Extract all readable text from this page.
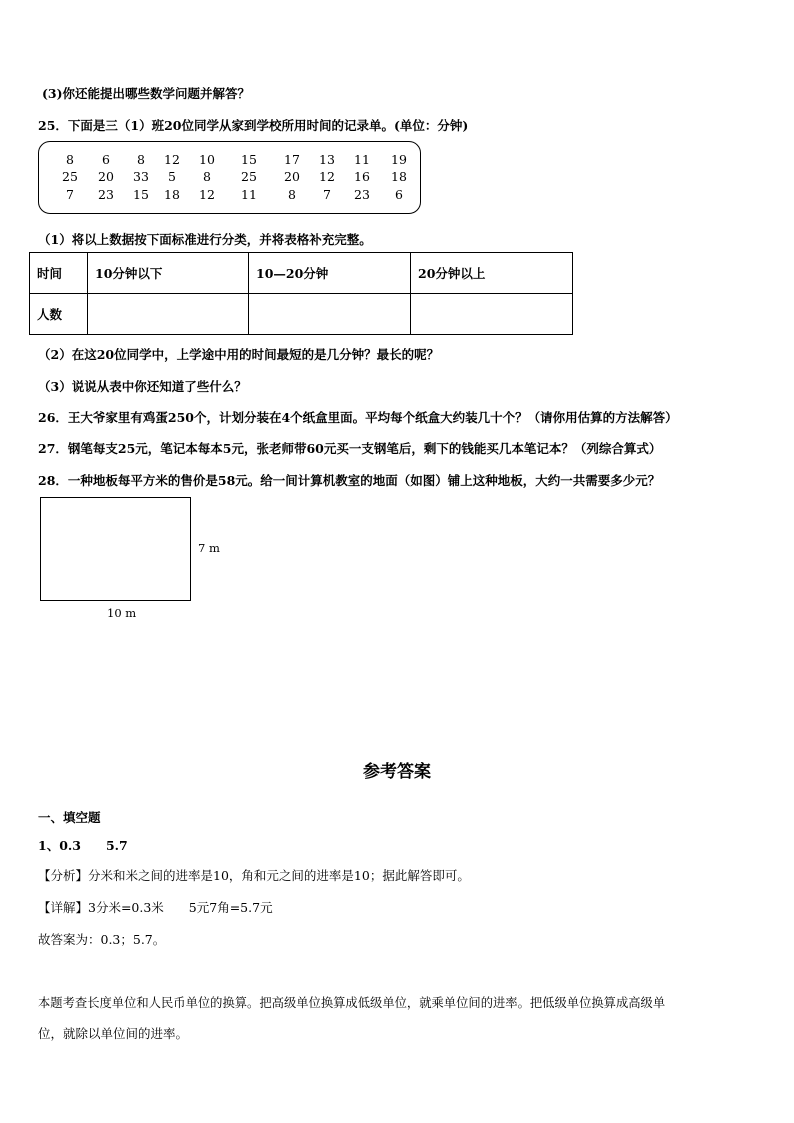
(3)你还能提出哪些数学问题并解答？
25．下面是三（1）班20位同学从家到学校所用时间的记录单。(单位：分钟)
8	6	8	12	10	15	17	13	11	19
25	20	33	5	8	25	20	12	16	18
7	23	15	18	12	11	8	7	23	6
（1）将以上数据按下面标准进行分类，并将表格补充完整。
时间	10分钟以下	10—20分钟	20分钟以上
人数			
（2）在这20位同学中，上学途中用的时间最短的是几分钟？最长的呢？
（3）说说从表中你还知道了些什么？
26．王大爷家里有鸡蛋250个，计划分装在4个纸盒里面。平均每个纸盒大约装几十个？（请你用估算的方法解答）
27．钢笔每支25元，笔记本每本5元，张老师带60元买一支钢笔后，剩下的钱能买几本笔记本？（列综合算式）
28．一种地板每平方米的售价是58元。给一间计算机教室的地面（如图）铺上这种地板，大约一共需要多少元？
7 m
10 m
参考答案
一、填空题
1、0.3　　5.7
【分析】分米和米之间的进率是10，角和元之间的进率是10；据此解答即可。
【详解】3分米=0.3米　　5元7角=5.7元
故答案为：0.3；5.7。
本题考查长度单位和人民币单位的换算。把高级单位换算成低级单位，就乘单位间的进率。把低级单位换算成高级单
位，就除以单位间的进率。
